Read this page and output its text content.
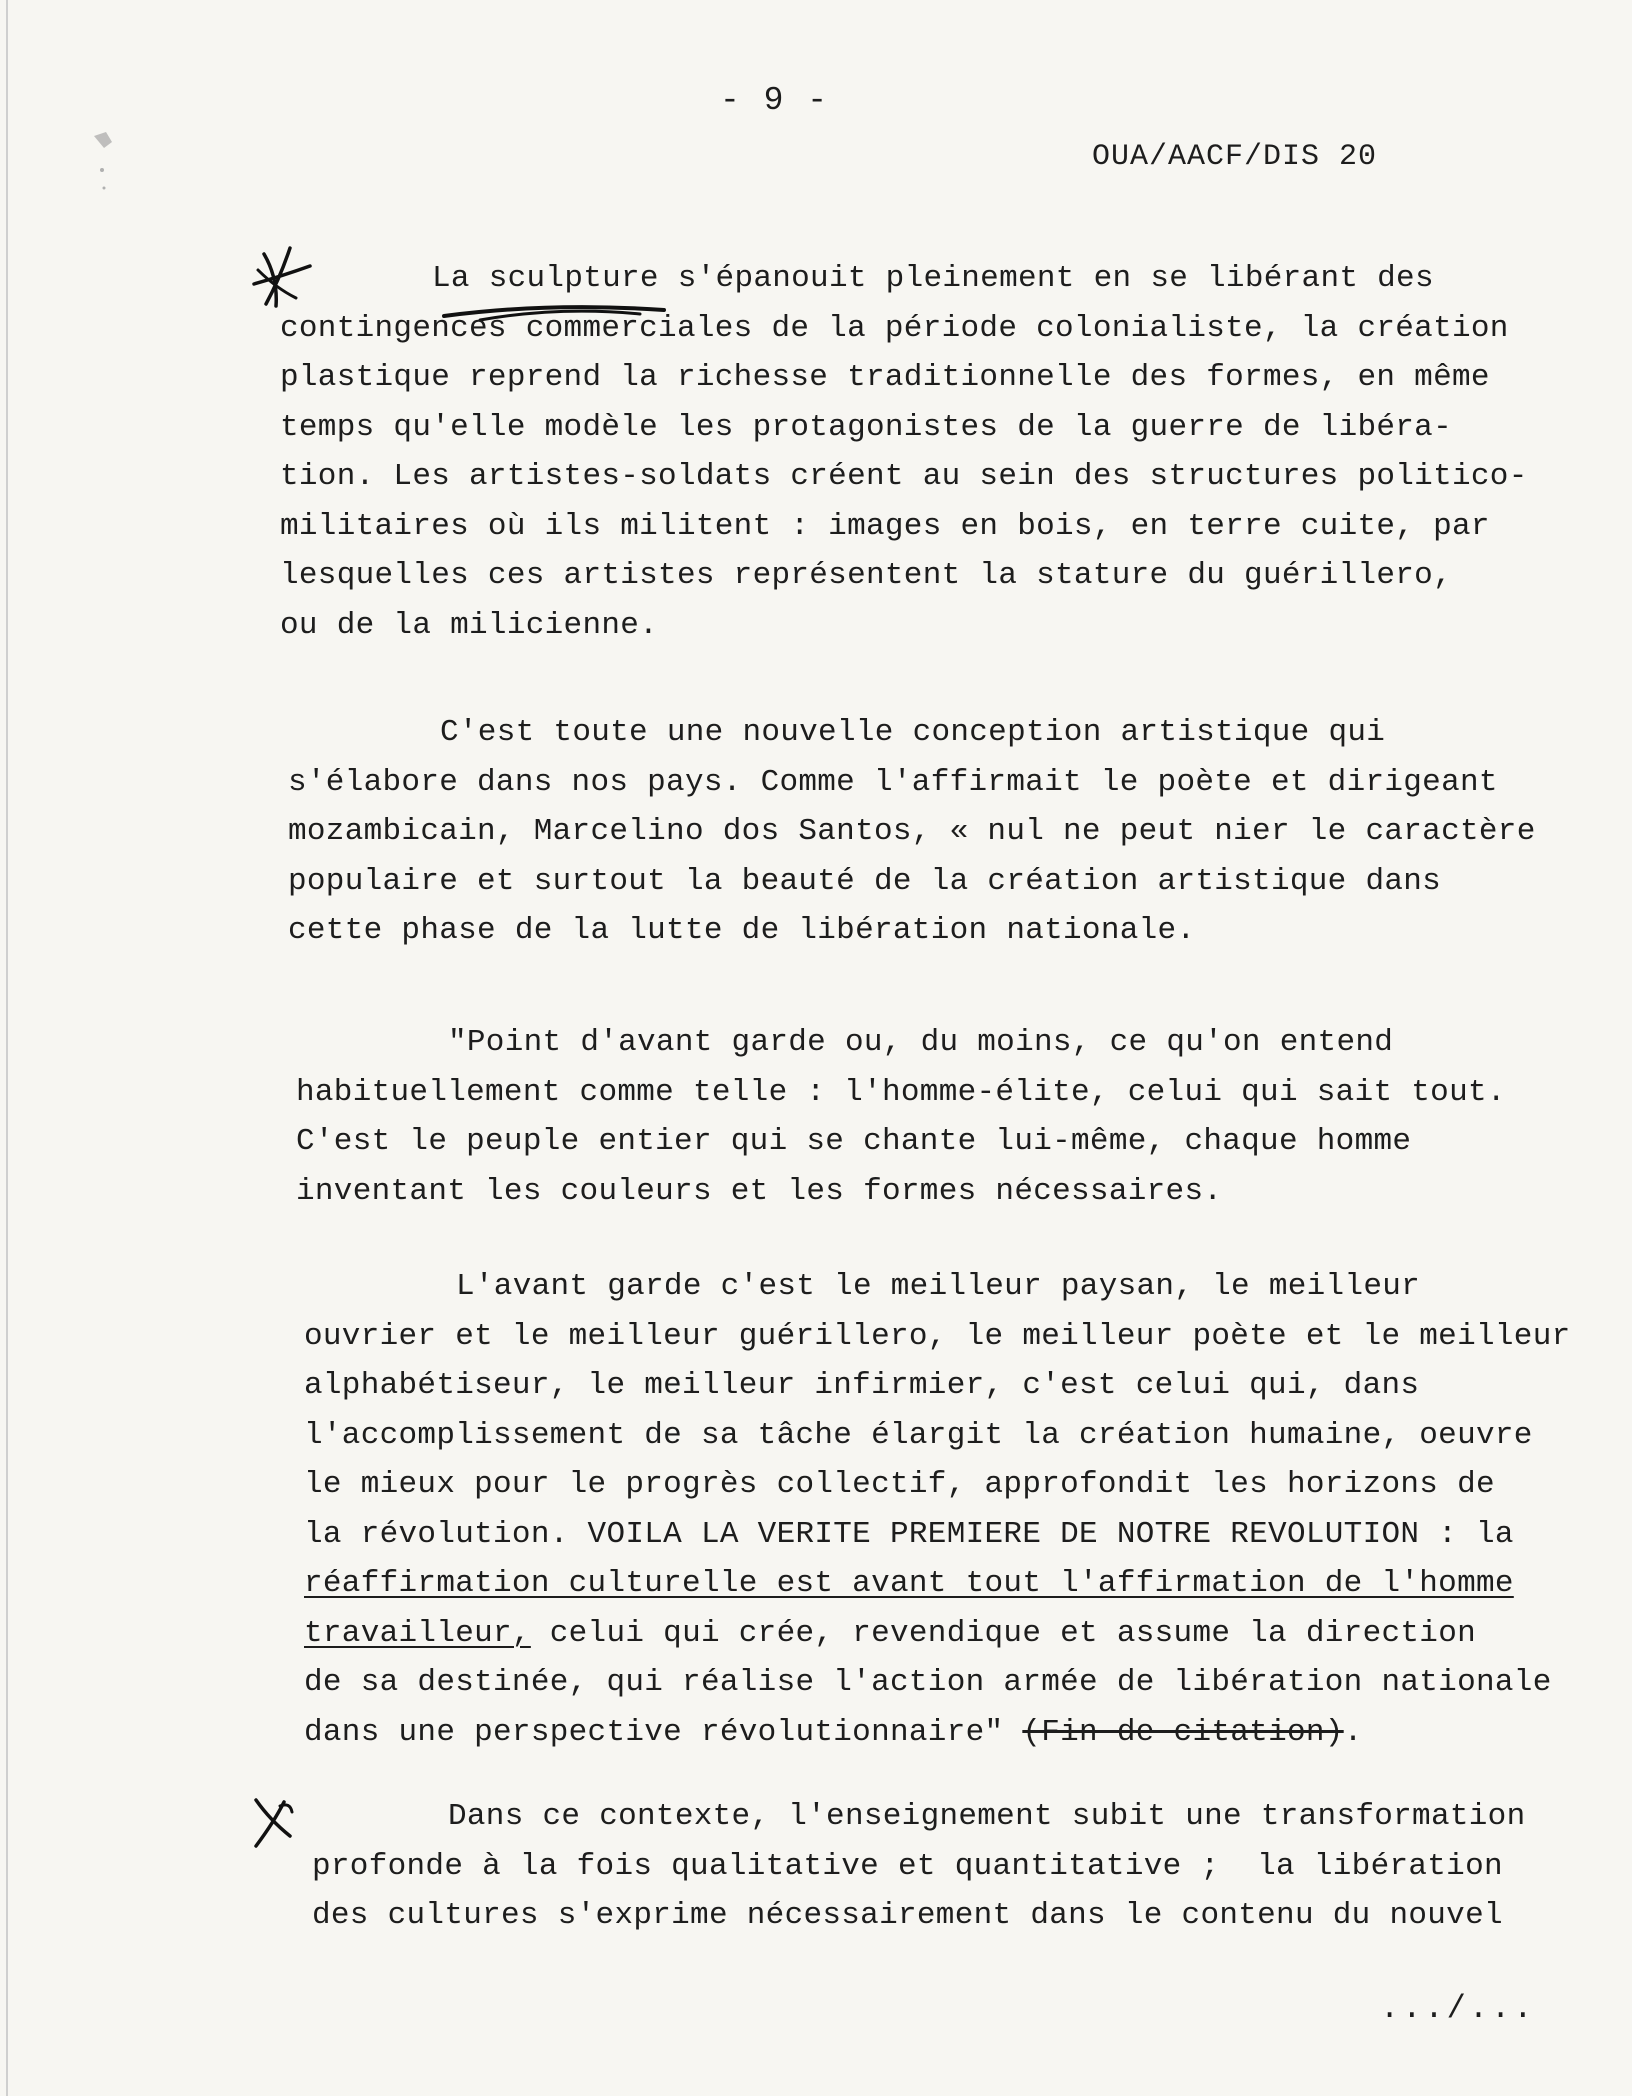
- 9 -
OUA/AACF/DIS 20
La sculpture s'épanouit pleinement en se libérant des
contingences commerciales de la période colonialiste, la création
plastique reprend la richesse traditionnelle des formes, en même
temps qu'elle modèle les protagonistes de la guerre de libéra-
tion. Les artistes-soldats créent au sein des structures politico-
militaires où ils militent : images en bois, en terre cuite, par
lesquelles ces artistes représentent la stature du guérillero,
ou de la milicienne.
C'est toute une nouvelle conception artistique qui
s'élabore dans nos pays. Comme l'affirmait le poète et dirigeant
mozambicain, Marcelino dos Santos, « nul ne peut nier le caractère
populaire et surtout la beauté de la création artistique dans
cette phase de la lutte de libération nationale.
"Point d'avant garde ou, du moins, ce qu'on entend
habituellement comme telle : l'homme-élite, celui qui sait tout.
C'est le peuple entier qui se chante lui-même, chaque homme
inventant les couleurs et les formes nécessaires.
L'avant garde c'est le meilleur paysan, le meilleur
ouvrier et le meilleur guérillero, le meilleur poète et le meilleur
alphabétiseur, le meilleur infirmier, c'est celui qui, dans
l'accomplissement de sa tâche élargit la création humaine, oeuvre
le mieux pour le progrès collectif, approfondit les horizons de
la révolution. VOILA LA VERITE PREMIERE DE NOTRE REVOLUTION : la
réaffirmation culturelle est avant tout l'affirmation de l'homme
travailleur, celui qui crée, revendique et assume la direction
de sa destinée, qui réalise l'action armée de libération nationale
dans une perspective révolutionnaire" (Fin de citation).
Dans ce contexte, l'enseignement subit une transformation
profonde à la fois qualitative et quantitative ;  la libération
des cultures s'exprime nécessairement dans le contenu du nouvel
.../...
